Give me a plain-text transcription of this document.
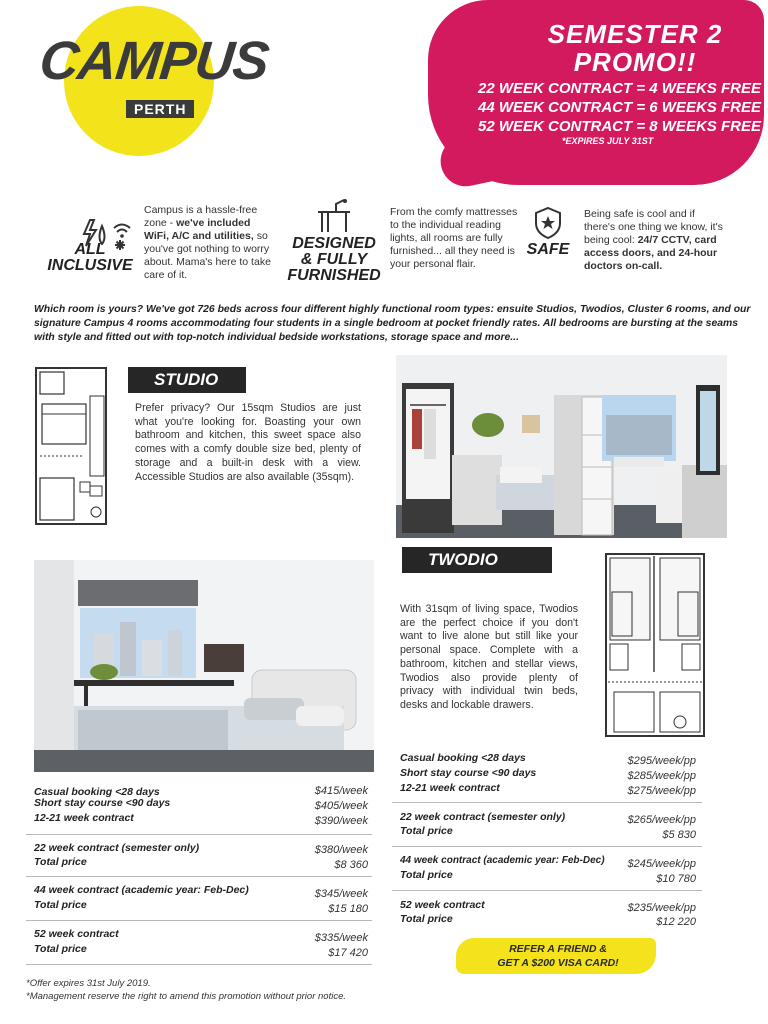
CAMPUS
PERTH
SEMESTER 2
PROMO!!
22 WEEK CONTRACT = 4 WEEKS FREE
44 WEEK CONTRACT = 6 WEEKS FREE
52 WEEK CONTRACT = 8 WEEKS FREE
*EXPIRES JULY 31ST
ALL
INCLUSIVE
Campus is a hassle-free zone - we've included WiFi, A/C and utilities, so you've got nothing to worry about. Mama's here to take care of it.
DESIGNED
& FULLY
FURNISHED
From the comfy mattresses to the individual reading lights, all rooms are fully furnished... all they need is your personal flair.
SAFE
Being safe is cool and if there's one thing we know, it's being cool: 24/7 CCTV, card access doors, and 24-hour doctors on-call.
Which room is yours? We've got 726 beds across four different highly functional room types: ensuite Studios, Twodios, Cluster 6 rooms, and our signature Campus 4 rooms accommodating four students in a single bedroom at pocket friendly rates. All bedrooms are bursting at the seams with style and fitted out with top-notch individual bedside workstations, storage space and more...
STUDIO
Prefer privacy? Our 15sqm Studios are just what you're looking for. Boasting your own bathroom and kitchen, this sweet space also comes with a comfy double size bed, plenty of storage and a built-in desk with a view. Accessible Studios are also available (35sqm).
TWODIO
With 31sqm of living space, Twodios are the perfect choice if you don't want to live alone but still like your personal space. Complete with a bathroom, kitchen and stellar views, Twodios also provide plenty of privacy with individual twin beds, desks and lockable drawers.
Casual booking <28 days	$415/week
Short stay course <90 days	$405/week
12-21 week contract	$390/week
22 week contract (semester only)	$380/week
Total price	$8 360
44 week contract (academic year: Feb-Dec)	$345/week
Total price	$15 180
52 week contract	$335/week
Total price	$17 420
Casual booking <28 days	$295/week/pp
Short stay course <90 days	$285/week/pp
12-21 week contract	$275/week/pp
22 week contract (semester only)	$265/week/pp
Total price	$5 830
44 week contract (academic year: Feb-Dec)	$245/week/pp
Total price	$10 780
52 week contract	$235/week/pp
Total price	$12 220
REFER A FRIEND &
GET A $200 VISA CARD!
*Offer expires 31st July 2019.
*Management reserve the right to amend this promotion without prior notice.
